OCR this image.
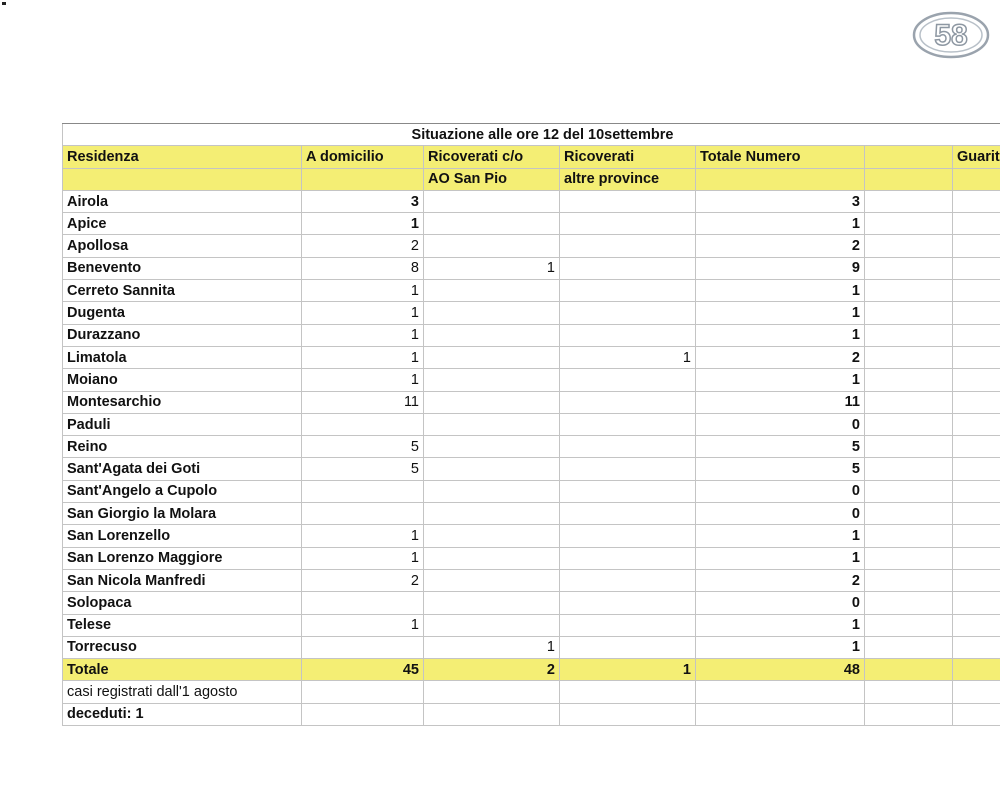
58
Situazione alle ore 12 del 10settembre						
Residenza	A domicilio	Ricoverati c/o	Ricoverati	Totale Numero		Guarit
		AO San Pio	altre province			
Airola	3			3		
Apice	1			1		
Apollosa	2			2		
Benevento	8	1		9		
Cerreto Sannita	1			1		
Dugenta	1			1		
Durazzano	1			1		
Limatola	1		1	2		
Moiano	1			1		
Montesarchio	11			11		
Paduli				0		
Reino	5			5		
Sant'Agata dei Goti	5			5		
Sant'Angelo a Cupolo				0		
San Giorgio la Molara				0		
San Lorenzello	1			1		
San Lorenzo Maggiore	1			1		
San Nicola Manfredi	2			2		
Solopaca				0		
Telese	1			1		
Torrecuso		1		1		
Totale	45	2	1	48		
casi registrati dall'1 agosto						
deceduti: 1						
